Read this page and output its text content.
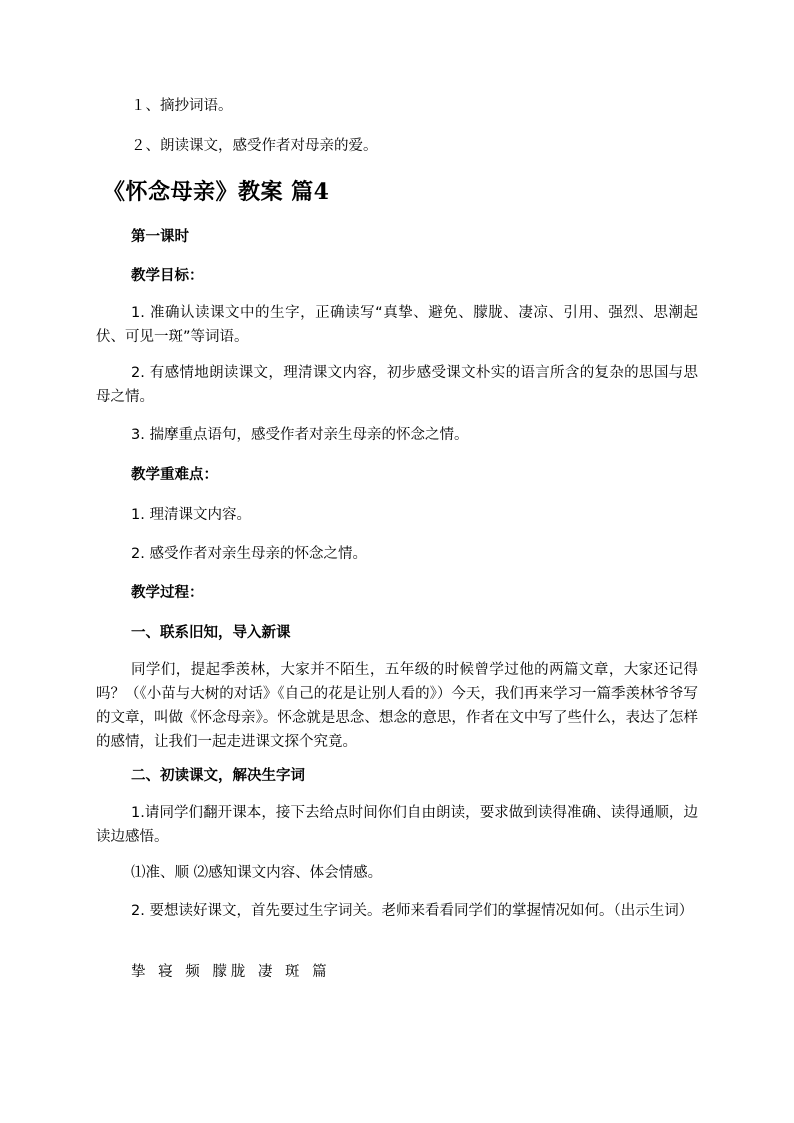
１、摘抄词语。
２、朗读课文，感受作者对母亲的爱。
《怀念母亲》教案 篇4
第一课时
教学目标：
1. 准确认读课文中的生字，正确读写“真挚、避免、朦胧、凄凉、引用、强烈、思潮起伏、可见一斑”等词语。
2. 有感情地朗读课文，理清课文内容，初步感受课文朴实的语言所含的复杂的思国与思母之情。
3. 揣摩重点语句，感受作者对亲生母亲的怀念之情。
教学重难点：
1. 理清课文内容。
2. 感受作者对亲生母亲的怀念之情。
教学过程：
一、联系旧知，导入新课
同学们，提起季羡林，大家并不陌生，五年级的时候曾学过他的两篇文章，大家还记得吗？（《小苗与大树的对话》《自己的花是让别人看的》）今天，我们再来学习一篇季羡林爷爷写的文章，叫做《怀念母亲》。怀念就是思念、想念的意思，作者在文中写了些什么，表达了怎样的感情，让我们一起走进课文探个究竟。
二、初读课文，解决生字词
1.请同学们翻开课本，接下去给点时间你们自由朗读，要求做到读得准确、读得通顺，边读边感悟。
⑴准、顺 ⑵感知课文内容、体会情感。
2. 要想读好课文，首先要过生字词关。老师来看看同学们的掌握情况如何。（出示生词）
挚 寝 频 朦胧 凄 斑 篇
